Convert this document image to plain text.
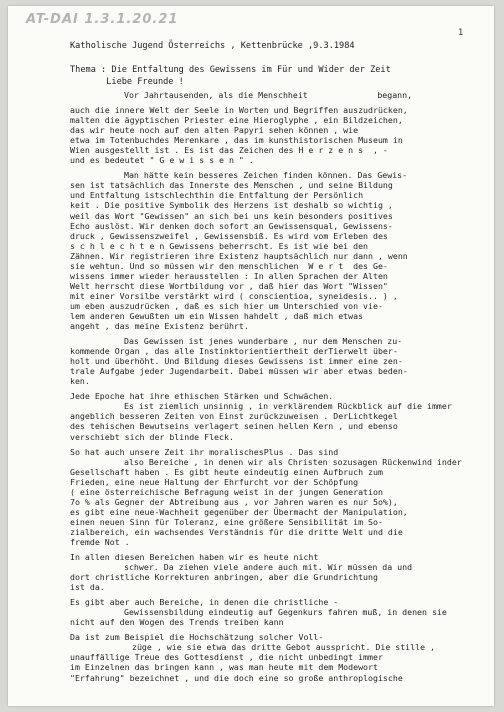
AT-DAI 1.3.1.20.21
1
Katholische Jugend Österreichs , Kettenbrücke ,9.3.1984
Thema : Die Entfaltung des Gewissens im Für und Wider der Zeit
Liebe Freunde !
Vor Jahrtausenden, als die Menschheit              begann,
auch die innere Welt der Seele in Worten und Begriffen auszudrücken,
malten die ägyptischen Priester eine Hieroglyphe , ein Bildzeichen,
das wir heute noch auf den alten Papyri sehen können , wie
etwa im Totenbuchdes Merenkare , das im kunsthistorischen Museum in
Wien ausgestellt ist . Es ist das Zeichen des H e r z e n s  , -
und es bedeutet " G e w i s s e n " .
Man hätte kein besseres Zeichen finden können. Das Gewis-
sen ist tatsächlich das Innerste des Menschen , und seine Bildung
und Entfaltung istschlechthin die Entfaltung der Persönlich
keit . Die positive Symbolik des Herzens ist deshalb so wichtig ,
weil das Wort "Gewissen" an sich bei uns kein besonders positives
Echo auslöst. Wir denken doch sofort an Gewissensqual, Gewissens-
druck , Gewissenszweifel , Gewissensbiß. Es wird vom Erleben des
s c h l e c h t e n Gewissens beherrscht. Es ist wie bei den
Zähnen. Wir registrieren ihre Existenz hauptsächlich nur dann , wenn
sie wehtun. Und so müssen wir den menschlichen  W e r t  des Ge-
wissens immer wieder herausstellen : In allen Sprachen der Alten
Welt herrscht diese Wortbildung vor , daß hier das Wort "Wissen"
mit einer Vorsilbe verstärkt wird ( conscientioa, syneidesis.. ) ,
um eben auszudrücken , daß es sich hier um Unterschied von vie-
lem anderen Gewußten um ein Wissen hahdelt , daß mich etwas
angeht , das meine Existenz berührt.
Das Gewissen ist jenes wunderbare , nur dem Menschen zu-
kommende Organ , das alle Instinktorientiertheit derTierwelt über-
holt und überhöht. Und Bildung dieses Gewissens ist immer eine zen-
trale Aufgabe jeder Jugendarbeit. Dabei müssen wir aber etwas beden-
ken.
Jede Epoche hat ihre ethischen Stärken und Schwächen.
Es ist ziemlich unsinnig , in verklärendem Rückblick auf die immer
angeblich besseren Zeiten von Einst zurückzuweisen . DerLichtkegel
des tehischen Bewutseins verlagert seinen hellen Kern , und ebenso
verschiebt sich der blinde Fleck.
So hat auch unsere Zeit ihr moralischesPlus . Das sind
also Bereiche , in denen wir als Christen sozusagen Rückenwind inder
Gesellschaft haben . Es gibt heute eindeutig einen Aufbruch zum
Frieden, eine neue Haltung der Ehrfurcht vor der Schöpfung
( eine österreichische Befragung weist in der jungen Generation
7o % als Gegner der Abtreibung aus , vor Jahren waren es nur 5o%),
es gibt eine neue-Wachheit gegenüber der Übermacht der Manipulation,
einen neuen Sinn für Toleranz, eine größere Sensibilität im So-
zialbereich, ein wachsendes Verständnis für die dritte Welt und die
fremde Not .
In allen diesen Bereichen haben wir es heute nicht
schwer. Da ziehen viele andere auch mit. Wir müssen da und
dort christliche Korrekturen anbringen, aber die Grundrichtung
ist da.
Es gibt aber auch Bereiche, in denen die christliche -
Gewissensbildung eindeutig auf Gegenkurs fahren muß, in denen sie
nicht auf den Wogen des Trends treiben kann
Da ist zum Beispiel die Hochschätzung solcher Voll-
züge , wie sie etwa das dritte Gebot ausspricht. Die stille ,
unauffällige Treue des Gottesdienst , die nicht unbedingt immer
im Einzelnen das bringen kann , was man heute mit dem Modewort
"Erfahrung" bezeichnet , und die doch eine so große anthroplogische
